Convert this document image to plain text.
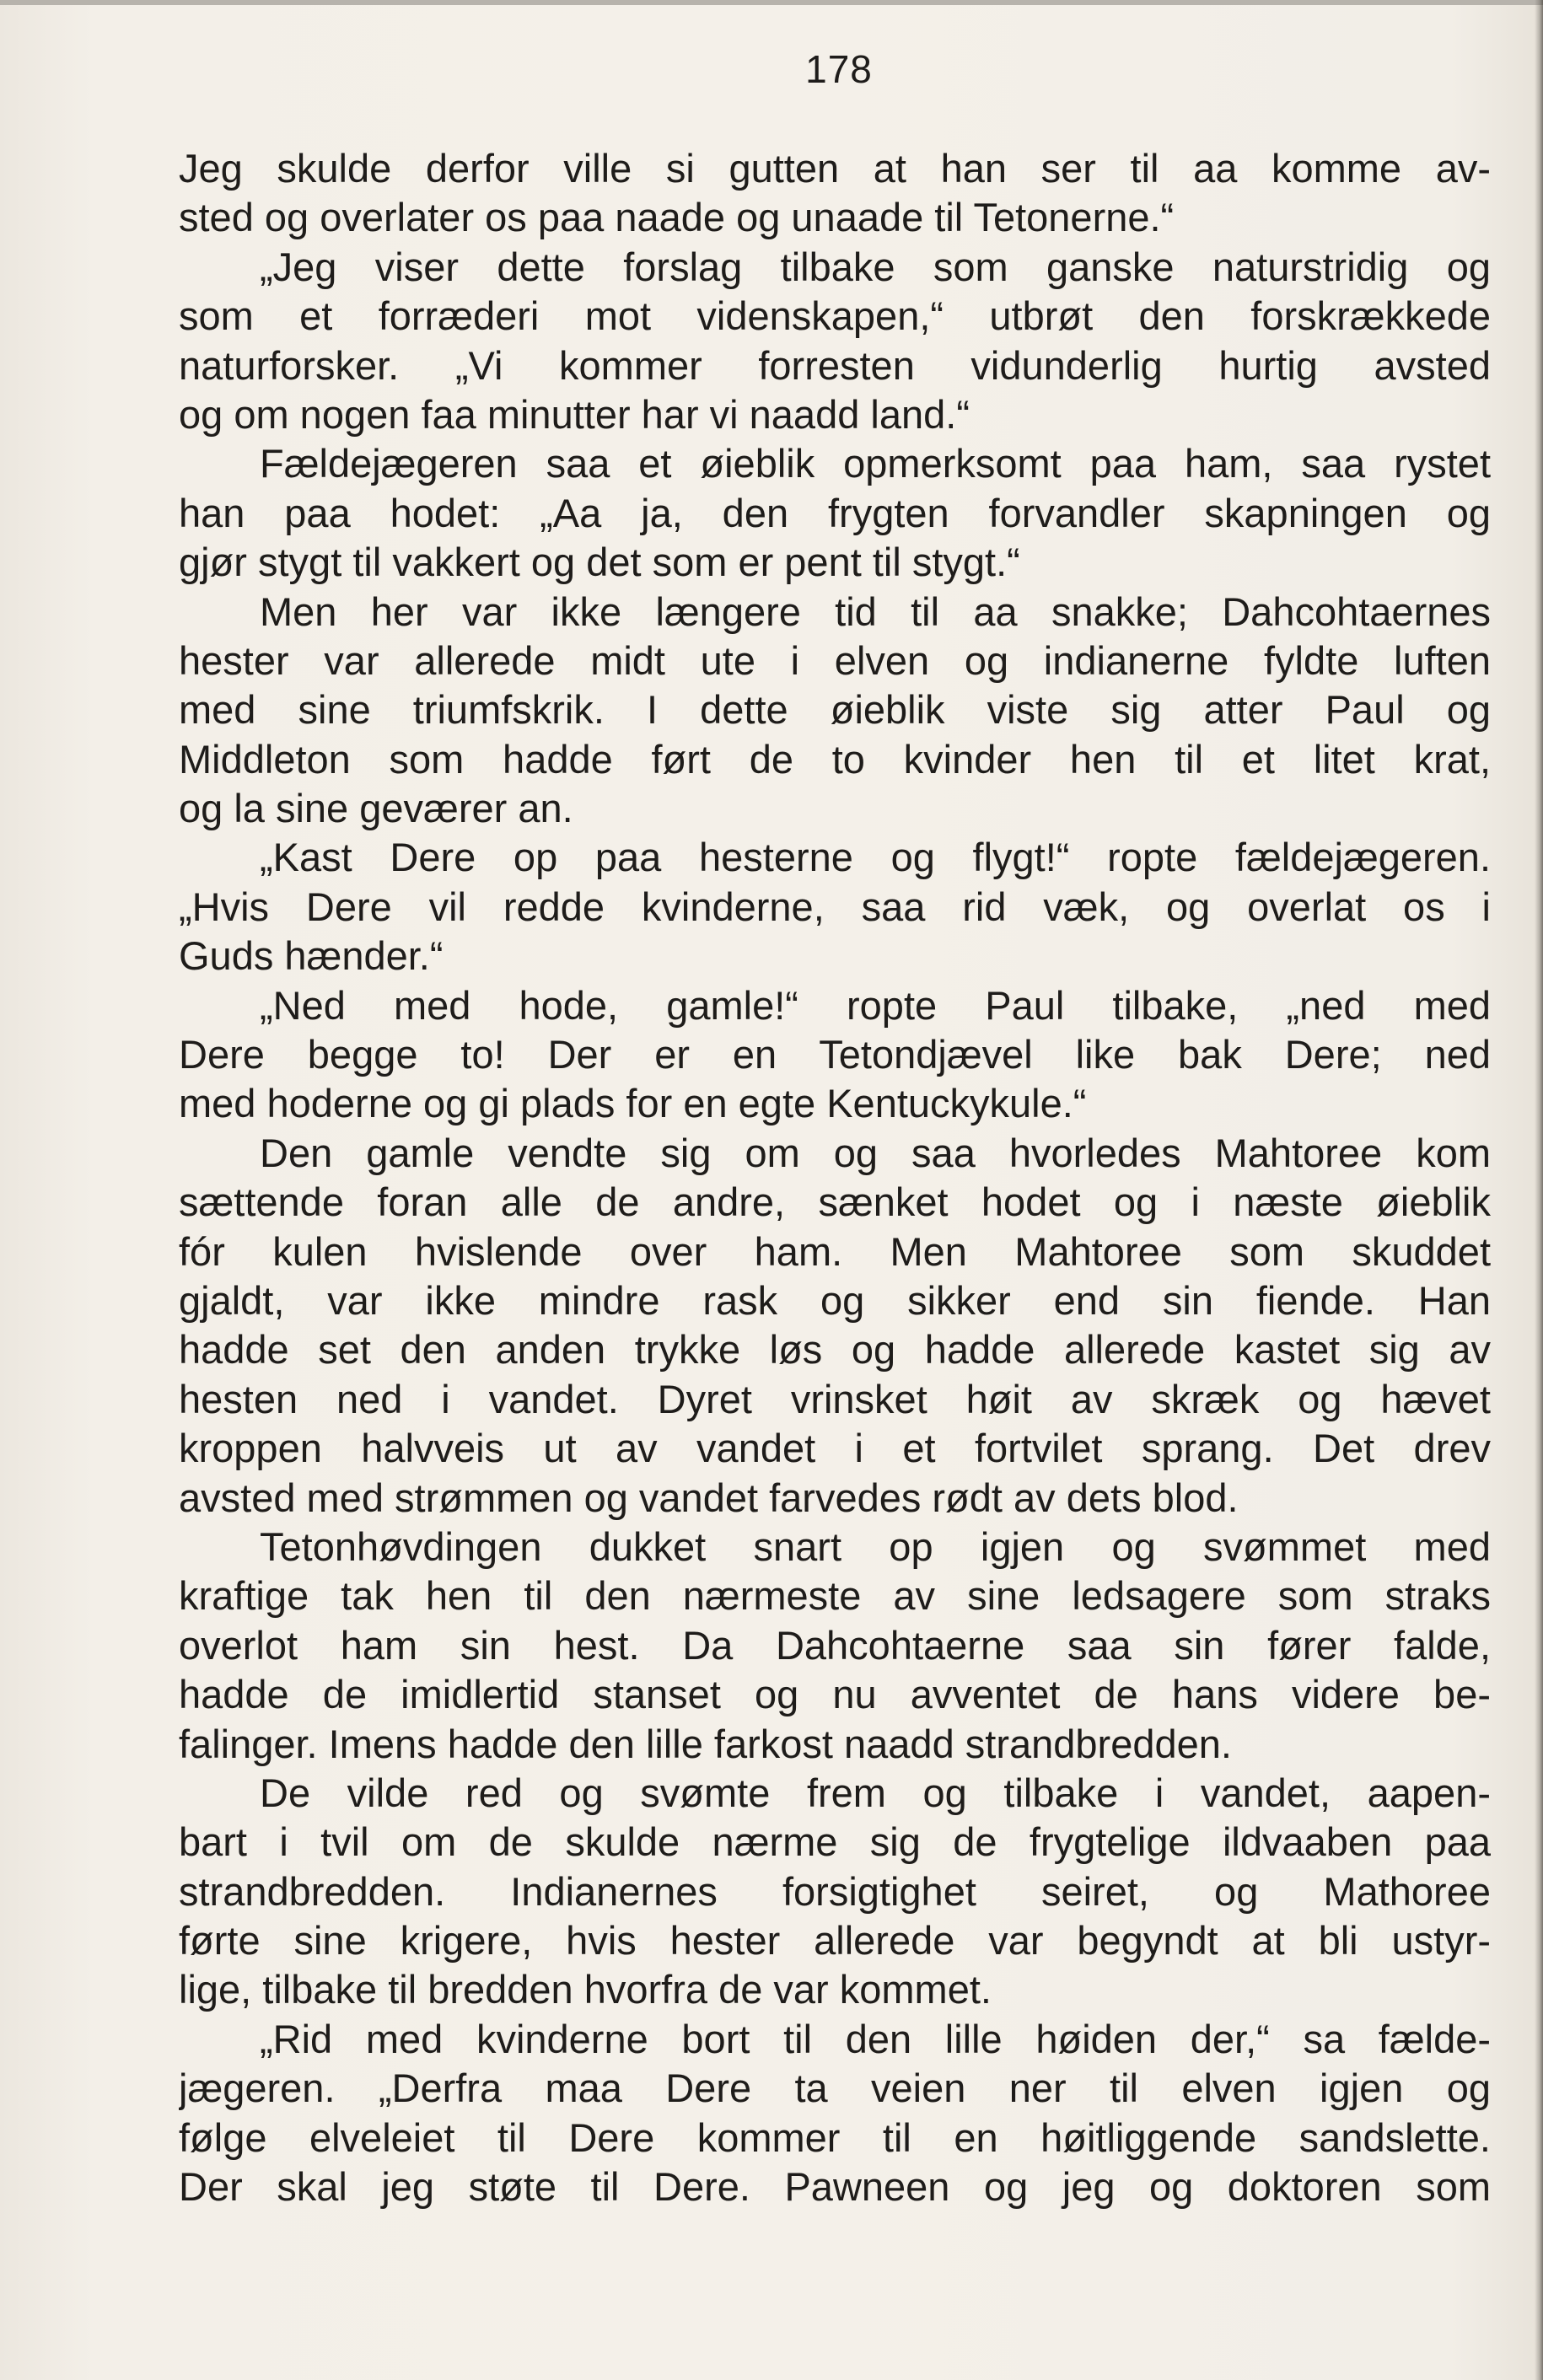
178
Jeg skulde derfor ville si gutten at han ser til aa komme av-
sted og overlater os paa naade og unaade til Tetonerne.“
„Jeg viser dette forslag tilbake som ganske naturstridig og
som et forræderi mot videnskapen,“ utbrøt den forskrækkede
naturforsker. „Vi kommer forresten vidunderlig hurtig avsted
og om nogen faa minutter har vi naadd land.“
Fældejægeren saa et øieblik opmerksomt paa ham, saa rystet
han paa hodet: „Aa ja, den frygten forvandler skapningen og
gjør stygt til vakkert og det som er pent til stygt.“
Men her var ikke længere tid til aa snakke; Dahcohtaernes
hester var allerede midt ute i elven og indianerne fyldte luften
med sine triumfskrik. I dette øieblik viste sig atter Paul og
Middleton som hadde ført de to kvinder hen til et litet krat,
og la sine geværer an.
„Kast Dere op paa hesterne og flygt!“ ropte fældejægeren.
„Hvis Dere vil redde kvinderne, saa rid væk, og overlat os i
Guds hænder.“
„Ned med hode, gamle!“ ropte Paul tilbake, „ned med
Dere begge to! Der er en Tetondjævel like bak Dere; ned
med hoderne og gi plads for en egte Kentuckykule.“
Den gamle vendte sig om og saa hvorledes Mahtoree kom
sættende foran alle de andre, sænket hodet og i næste øieblik
fór kulen hvislende over ham. Men Mahtoree som skuddet
gjaldt, var ikke mindre rask og sikker end sin fiende. Han
hadde set den anden trykke løs og hadde allerede kastet sig av
hesten ned i vandet. Dyret vrinsket høit av skræk og hævet
kroppen halvveis ut av vandet i et fortvilet sprang. Det drev
avsted med strømmen og vandet farvedes rødt av dets blod.
Tetonhøvdingen dukket snart op igjen og svømmet med
kraftige tak hen til den nærmeste av sine ledsagere som straks
overlot ham sin hest. Da Dahcohtaerne saa sin fører falde,
hadde de imidlertid stanset og nu avventet de hans videre be-
falinger. Imens hadde den lille farkost naadd strandbredden.
De vilde red og svømte frem og tilbake i vandet, aapen-
bart i tvil om de skulde nærme sig de frygtelige ildvaaben paa
strandbredden. Indianernes forsigtighet seiret, og Mathoree
førte sine krigere, hvis hester allerede var begyndt at bli ustyr-
lige, tilbake til bredden hvorfra de var kommet.
„Rid med kvinderne bort til den lille høiden der,“ sa fælde-
jægeren. „Derfra maa Dere ta veien ner til elven igjen og
følge elveleiet til Dere kommer til en høitliggende sandslette.
Der skal jeg støte til Dere. Pawneen og jeg og doktoren som
